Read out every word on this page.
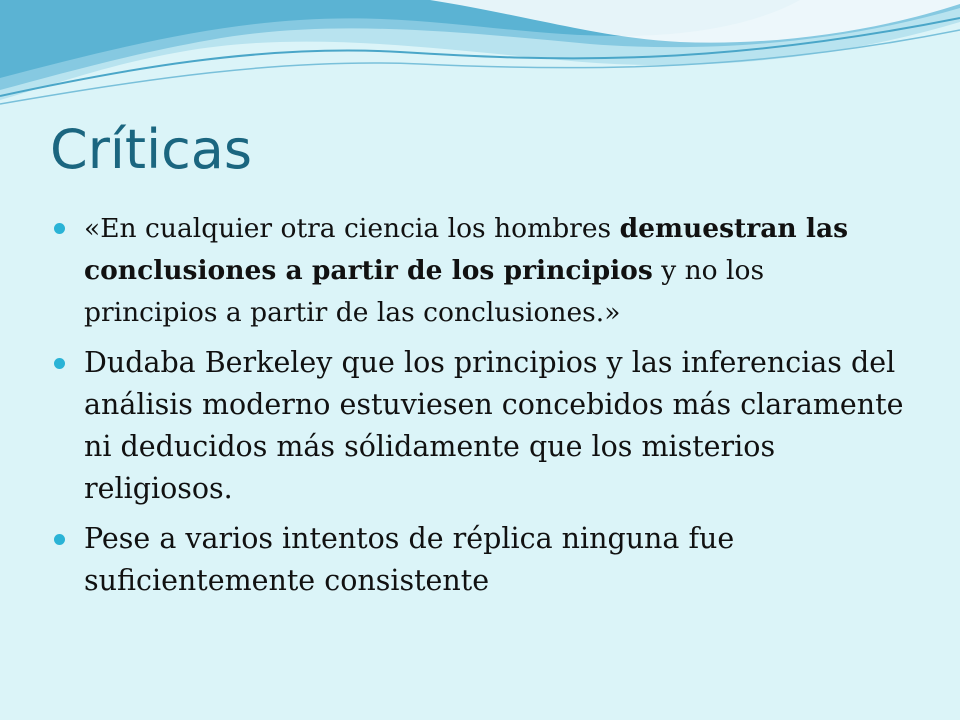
Críticas
«En cualquier otra ciencia los hombres demuestran las conclusiones a partir de los principios y no los principios a partir de las conclusiones.»
Dudaba Berkeley que los principios y las inferencias del análisis moderno estuviesen concebidos más claramente ni deducidos más sólidamente que los misterios religiosos.
Pese a varios intentos de réplica ninguna fue suficientemente consistente
